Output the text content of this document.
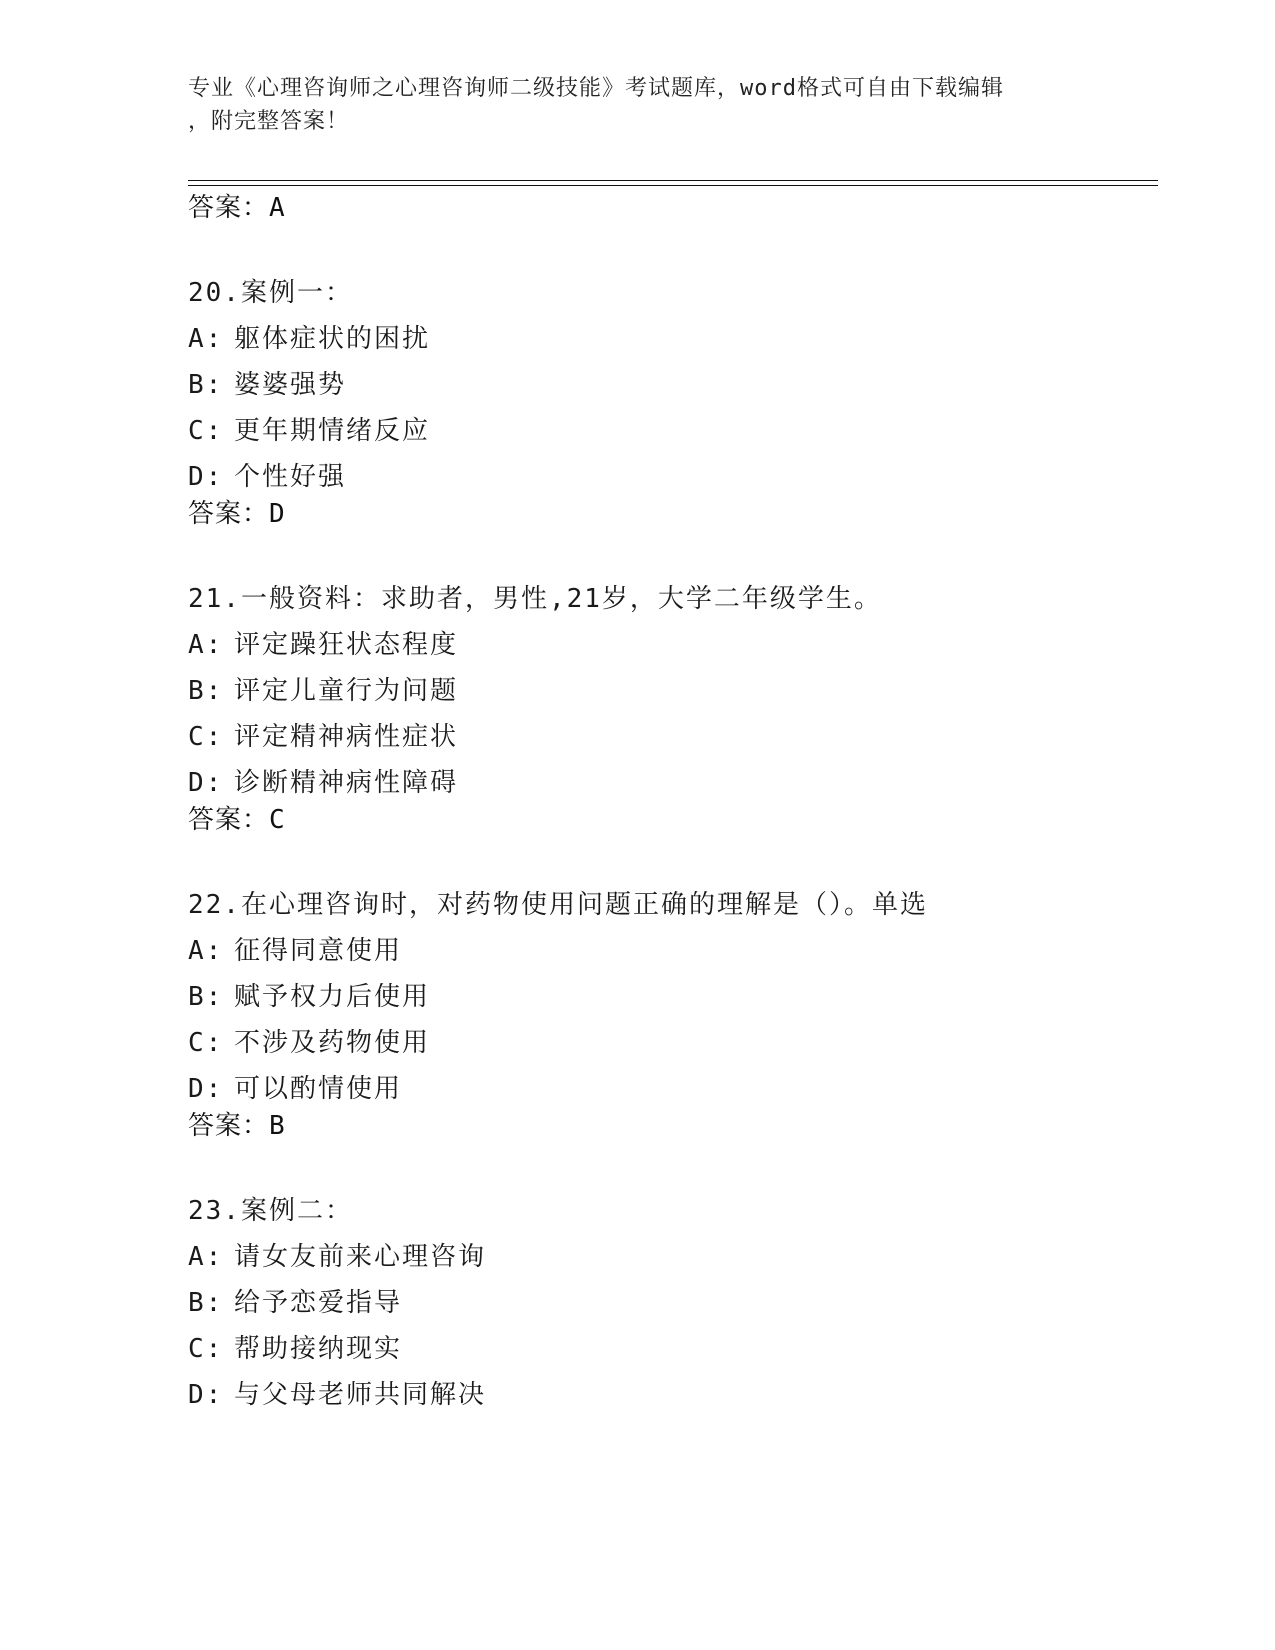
专业《心理咨询师之心理咨询师二级技能》考试题库，word格式可自由下载编辑
，附完整答案！
答案：A
20.案例一：
A: 躯体症状的困扰
B: 婆婆强势
C: 更年期情绪反应
D: 个性好强
答案：D
21.一般资料：求助者，男性,21岁，大学二年级学生。
A: 评定躁狂状态程度
B: 评定儿童行为问题
C: 评定精神病性症状
D: 诊断精神病性障碍
答案：C
22.在心理咨询时，对药物使用问题正确的理解是（）。单选
A: 征得同意使用
B: 赋予权力后使用
C: 不涉及药物使用
D: 可以酌情使用
答案：B
23.案例二：
A: 请女友前来心理咨询
B: 给予恋爱指导
C: 帮助接纳现实
D: 与父母老师共同解决
